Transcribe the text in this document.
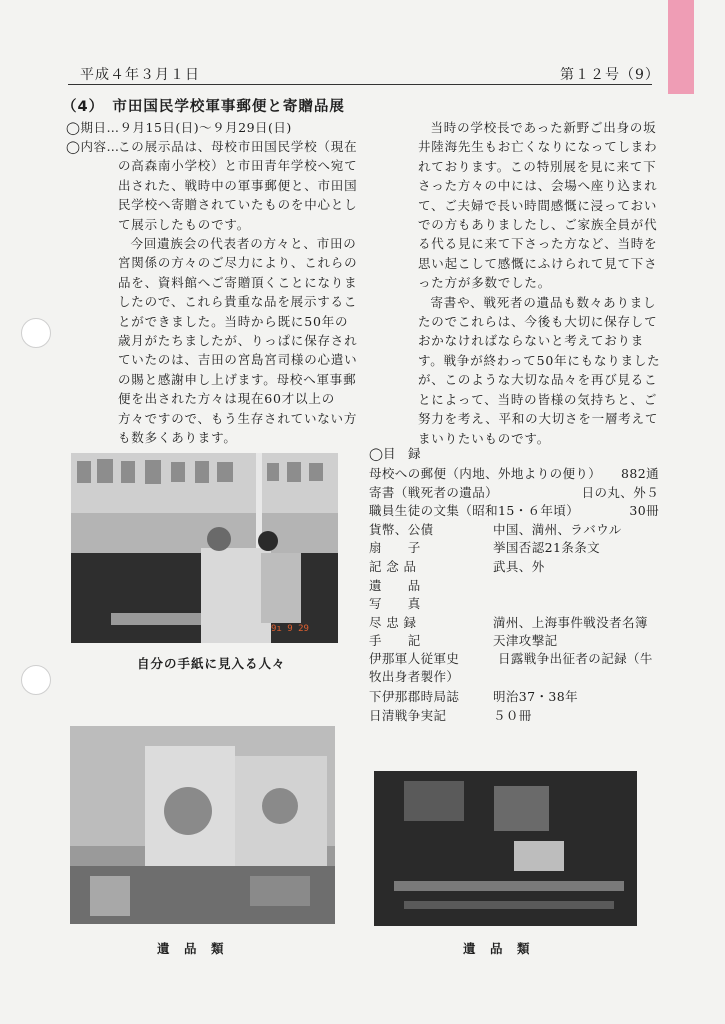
平成４年３月１日	第１２号（9）
（4）　市田国民学校軍事郵便と寄贈品展
◯期日…９月15日(日)〜９月29日(日)
◯内容…

この展示品は、母校市田国民学校（現在の高森南小学校）と市田青年学校へ宛て出された、戦時中の軍事郵便と、市田国民学校へ寄贈されていたものを中心として展示したものです。

今回遺族会の代表者の方々と、市田の宮関係の方々のご尽力により、これらの品を、資料館へご寄贈頂くことになりましたので、これら貴重な品を展示することができました。当時から既に50年の歳月がたちましたが、りっぱに保存されていたのは、吉田の宮島宮司様の心遣いの賜と感謝申し上げます。母校へ軍事郵便を出された方々は現在60才以上の方々ですので、もう生存されていない方も数多くあります。

当時の学校長であった新野ご出身の坂井陸海先生もお亡くなりになってしまわれております。この特別展を見に来て下さった方々の中には、会場へ座り込まれて、ご夫婦で長い時間感慨に浸っておいでの方もありましたし、ご家族全員が代る代る見に来て下さった方など、当時を思い起こして感慨にふけられて見て下さった方が多数でした。

寄書や、戦死者の遺品も数々ありましたのでこれらは、今後も大切に保存しておかなければならないと考えております。戦争が終わって50年にもなりましたが、このような大切な品々を再び見ることによって、当時の皆様の気持ちと、ご努力を考え、平和の大切さを一層考えてまいりたいものです。

9ı 9 29
自分の手紙に見入る人々
遺　品　類	遺　品　類
◯目　録
母校への郵便（内地、外地よりの便り） 882通
寄書（戦死者の遺品）	日の丸、外５
職員生徒の文集（昭和15・６年頃）	30冊
貨幣、公債	中国、満州、ラバウル
扇　　子	挙国否認21条条文
記 念 品	武具、外
遺　　品
写　　真
尽 忠 録	満州、上海事件戦没者名簿
手　　記	天津攻撃記
伊那軍人従軍史　　　日露戦争出征者の記録（牛牧出身者製作）
下伊那郡時局誌	明治37・38年
日清戦争実記	５０冊
